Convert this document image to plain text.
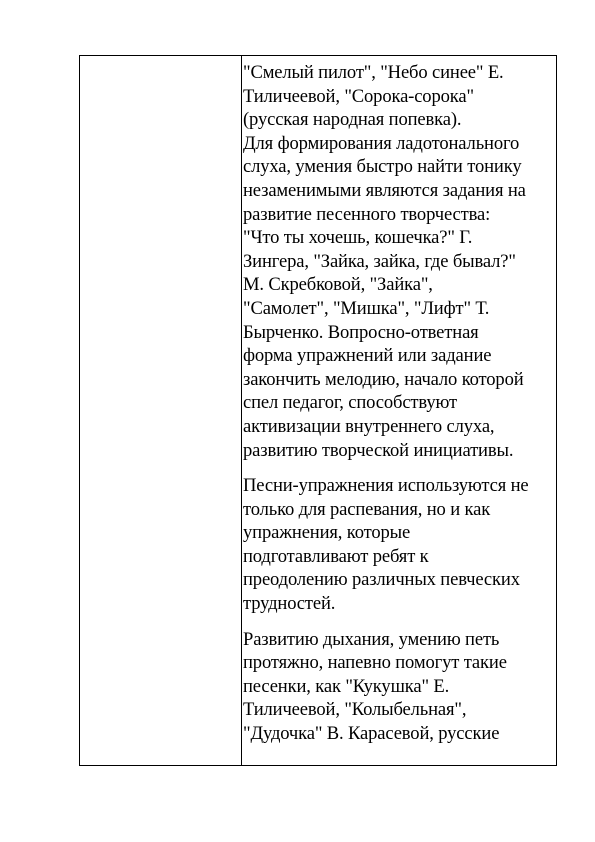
"Смелый пилот", "Небо синее" Е.
Тиличеевой, "Сорока-сорока"
(русская народная попевка).
Для формирования ладотонального
слуха, умения быстро найти тонику
незаменимыми являются задания на
развитие песенного творчества:
"Что ты хочешь, кошечка?" Г.
Зингера, "Зайка, зайка, где бывал?"
М. Скребковой, "Зайка",
"Самолет", "Мишка", "Лифт" Т.
Бырченко. Вопросно-ответная
форма упражнений или задание
закончить мелодию, начало которой
спел педагог, способствуют
активизации внутреннего слуха,
развитию творческой инициативы.

Песни-упражнения используются не
только для распевания, но и как
упражнения, которые
подготавливают ребят к
преодолению различных певческих
трудностей.

Развитию дыхания, умению петь
протяжно, напевно помогут такие
песенки, как "Кукушка" Е.
Тиличеевой, "Колыбельная",
"Дудочка" В. Карасевой, русские
